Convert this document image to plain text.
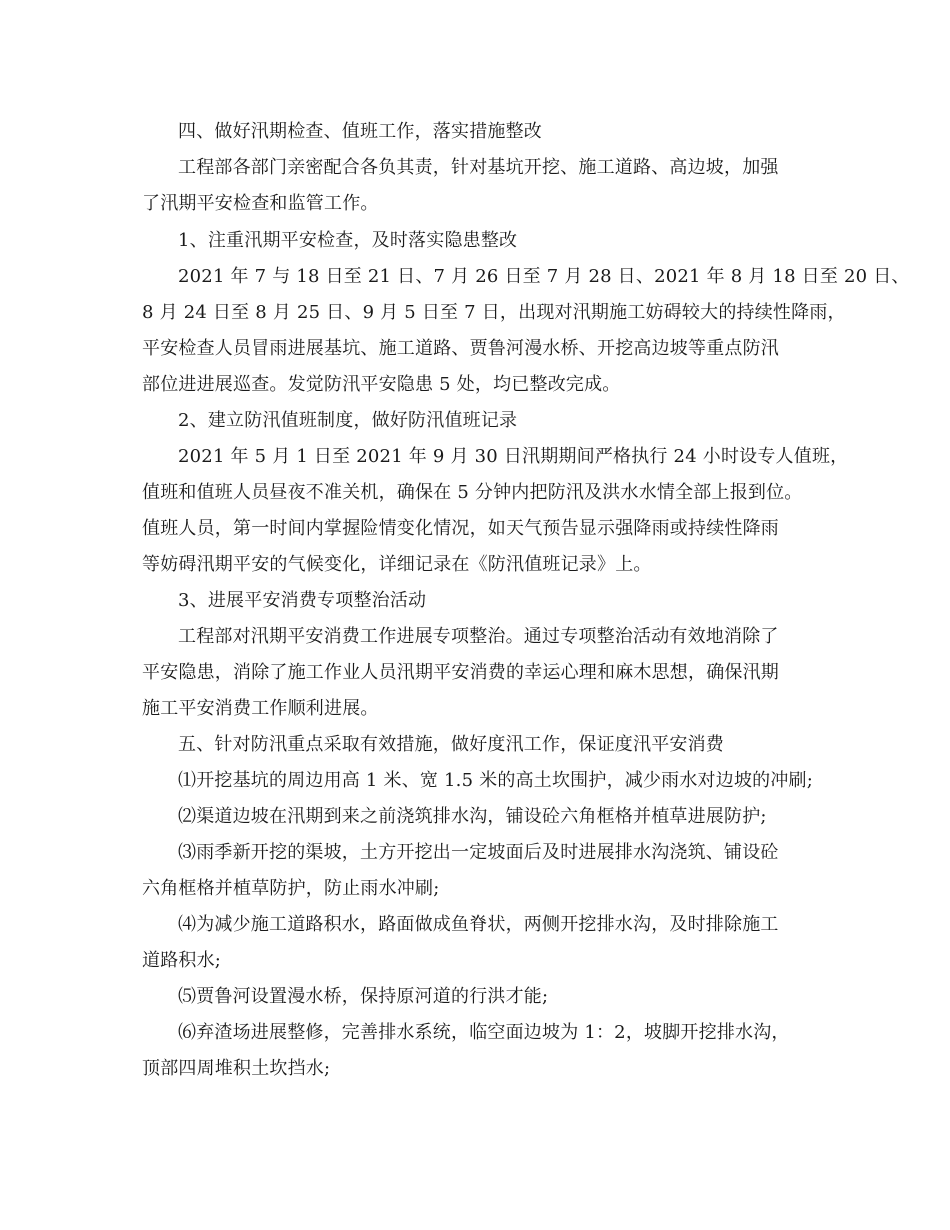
四、做好汛期检查、值班工作，落实措施整改
工程部各部门亲密配合各负其责，针对基坑开挖、施工道路、高边坡，加强
了汛期平安检查和监管工作。
1、注重汛期平安检查，及时落实隐患整改
2021 年 7 与 18 日至 21 日、7 月 26 日至 7 月 28 日、2021 年 8 月 18 日至 20 日、
8 月 24 日至 8 月 25 日、9 月 5 日至 7 日，出现对汛期施工妨碍较大的持续性降雨，
平安检查人员冒雨进展基坑、施工道路、贾鲁河漫水桥、开挖高边坡等重点防汛
部位进进展巡查。发觉防汛平安隐患 5 处，均已整改完成。
2、建立防汛值班制度，做好防汛值班记录
2021 年 5 月 1 日至 2021 年 9 月 30 日汛期期间严格执行 24 小时设专人值班，
值班和值班人员昼夜不准关机，确保在 5 分钟内把防汛及洪水水情全部上报到位。
值班人员，第一时间内掌握险情变化情况，如天气预告显示强降雨或持续性降雨
等妨碍汛期平安的气候变化，详细记录在《防汛值班记录》上。
3、进展平安消费专项整治活动
工程部对汛期平安消费工作进展专项整治。通过专项整治活动有效地消除了
平安隐患，消除了施工作业人员汛期平安消费的幸运心理和麻木思想，确保汛期
施工平安消费工作顺利进展。
五、针对防汛重点采取有效措施，做好度汛工作，保证度汛平安消费
⑴开挖基坑的周边用高 1 米、宽 1.5 米的高土坎围护，减少雨水对边坡的冲刷;
⑵渠道边坡在汛期到来之前浇筑排水沟，铺设砼六角框格并植草进展防护;
⑶雨季新开挖的渠坡，土方开挖出一定坡面后及时进展排水沟浇筑、铺设砼
六角框格并植草防护，防止雨水冲刷;
⑷为减少施工道路积水，路面做成鱼脊状，两侧开挖排水沟，及时排除施工
道路积水;
⑸贾鲁河设置漫水桥，保持原河道的行洪才能;
⑹弃渣场进展整修，完善排水系统，临空面边坡为 1：2，坡脚开挖排水沟，
顶部四周堆积土坎挡水;
